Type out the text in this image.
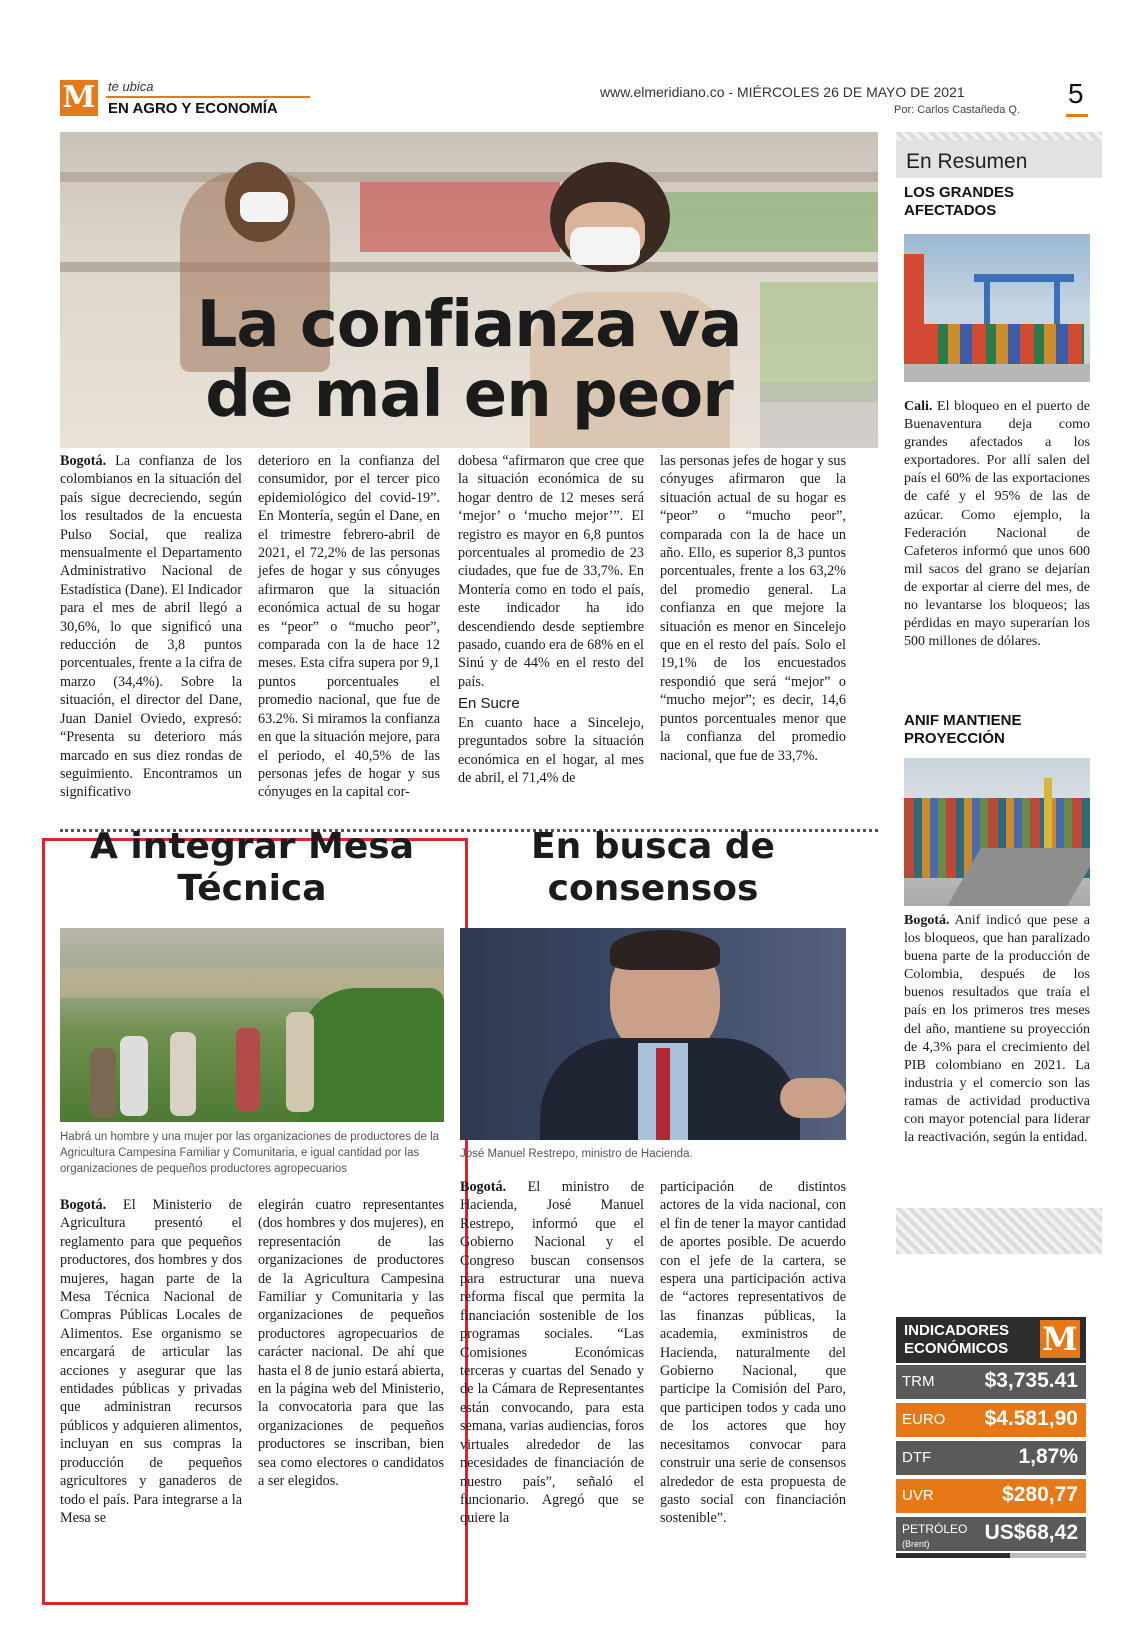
M te ubica
EN AGRO Y ECONOMÍA
www.elmeridiano.co - MIÉRCOLES 26 DE MAYO DE 2021
Por: Carlos Castañeda Q.
5
La confianza va
de mal en peor
Bogotá. La confianza de los colombianos en la situación del país sigue decreciendo, según los resultados de la encuesta Pulso Social, que realiza mensualmente el Departamento Administrativo Nacional de Estadística (Dane). El Indicador para el mes de abril llegó a 30,6%, lo que significó una reducción de 3,8 puntos porcentuales, frente a la cifra de marzo (34,4%). Sobre la situación, el director del Dane, Juan Daniel Oviedo, expresó: “Presenta su deterioro más marcado en sus diez rondas de seguimiento. Encontramos un significativo
deterioro en la confianza del consumidor, por el tercer pico epidemiológico del covid-19”. En Montería, según el Dane, en el trimestre febrero-abril de 2021, el 72,2% de las personas jefes de hogar y sus cónyuges afirmaron que la situación económica actual de su hogar es “peor” o “mucho peor”, comparada con la de hace 12 meses. Esta cifra supera por 9,1 puntos porcentuales el promedio nacional, que fue de 63.2%. Si miramos la confianza en que la situación mejore, para el periodo, el 40,5% de las personas jefes de hogar y sus cónyuges en la capital cor-
dobesa “afirmaron que cree que la situación económica de su hogar dentro de 12 meses será ‘mejor’ o ‘mucho mejor’”. El registro es mayor en 6,8 puntos porcentuales al promedio de 23 ciudades, que fue de 33,7%. En Montería como en todo el país, este indicador ha ido descendiendo desde septiembre pasado, cuando era de 68% en el Sinú y de 44% en el resto del país.
En Sucre
En cuanto hace a Sincelejo, preguntados sobre la situación económica en el hogar, al mes de abril, el 71,4% de
las personas jefes de hogar y sus cónyuges afirmaron que la situación actual de su hogar es “peor” o “mucho peor”, comparada con la de hace un año. Ello, es superior 8,3 puntos porcentuales, frente a los 63,2% del promedio general. La confianza en que mejore la situación es menor en Sincelejo que en el resto del país. Solo el 19,1% de los encuestados respondió que será “mejor” o “mucho mejor”; es decir, 14,6 puntos porcentuales menor que la confianza del promedio nacional, que fue de 33,7%.
A integrar Mesa
Técnica
Habrá un hombre y una mujer por las organizaciones de productores de la Agricultura Campesina Familiar y Comunitaria, e igual cantidad por las organizaciones de pequeños productores agropecuarios
Bogotá. El Ministerio de Agricultura presentó el reglamento para que pequeños productores, dos hombres y dos mujeres, hagan parte de la Mesa Técnica Nacional de Compras Públicas Locales de Alimentos. Ese organismo se encargará de articular las acciones y asegurar que las entidades públicas y privadas que administran recursos públicos y adquieren alimentos, incluyan en sus compras la producción de pequeños agricultores y ganaderos de todo el país. Para integrarse a la Mesa se
elegirán cuatro representantes (dos hombres y dos mujeres), en representación de las organizaciones de productores de la Agricultura Campesina Familiar y Comunitaria y las organizaciones de pequeños productores agropecuarios de carácter nacional. De ahí que hasta el 8 de junio estará abierta, en la página web del Ministerio, la convocatoria para que las organizaciones de pequeños productores se inscriban, bien sea como electores o candidatos a ser elegidos.
En busca de
consensos
José Manuel Restrepo, ministro de Hacienda.
Bogotá. El ministro de Hacienda, José Manuel Restrepo, informó que el Gobierno Nacional y el Congreso buscan consensos para estructurar una nueva reforma fiscal que permita la financiación sostenible de los programas sociales. “Las Comisiones Económicas terceras y cuartas del Senado y de la Cámara de Representantes están convocando, para esta semana, varias audiencias, foros virtuales alrededor de las necesidades de financiación de nuestro país”, señaló el funcionario. Agregó que se quiere la
participación de distintos actores de la vida nacional, con el fin de tener la mayor cantidad de aportes posible. De acuerdo con el jefe de la cartera, se espera una participación activa de “actores representativos de las finanzas públicas, la academia, exministros de Hacienda, naturalmente del Gobierno Nacional, que participe la Comisión del Paro, que participen todos y cada uno de los actores que hoy necesitamos convocar para construir una serie de consensos alrededor de esta propuesta de gasto social con financiación sostenible”.
En Resumen
LOS GRANDES AFECTADOS
Cali. El bloqueo en el puerto de Buenaventura deja como grandes afectados a los exportadores. Por allí salen del país el 60% de las exportaciones de café y el 95% de las de azúcar. Como ejemplo, la Federación Nacional de Cafeteros informó que unos 600 mil sacos del grano se dejarían de exportar al cierre del mes, de no levantarse los bloqueos; las pérdidas en mayo superarían los 500 millones de dólares.
ANIF MANTIENE PROYECCIÓN
Bogotá. Anif indicó que pese a los bloqueos, que han paralizado buena parte de la producción de Colombia, después de los buenos resultados que traía el país en los primeros tres meses del año, mantiene su proyección de 4,3% para el crecimiento del PIB colombiano en 2021. La industria y el comercio son las ramas de actividad productiva con mayor potencial para liderar la reactivación, según la entidad.
INDICADORES
ECONÓMICOS M
TRM $3,735.41
EURO $4.581,90
DTF	1,87%
UVR	$280,77
PETRÓLEO
(Brent)	US$68,42
